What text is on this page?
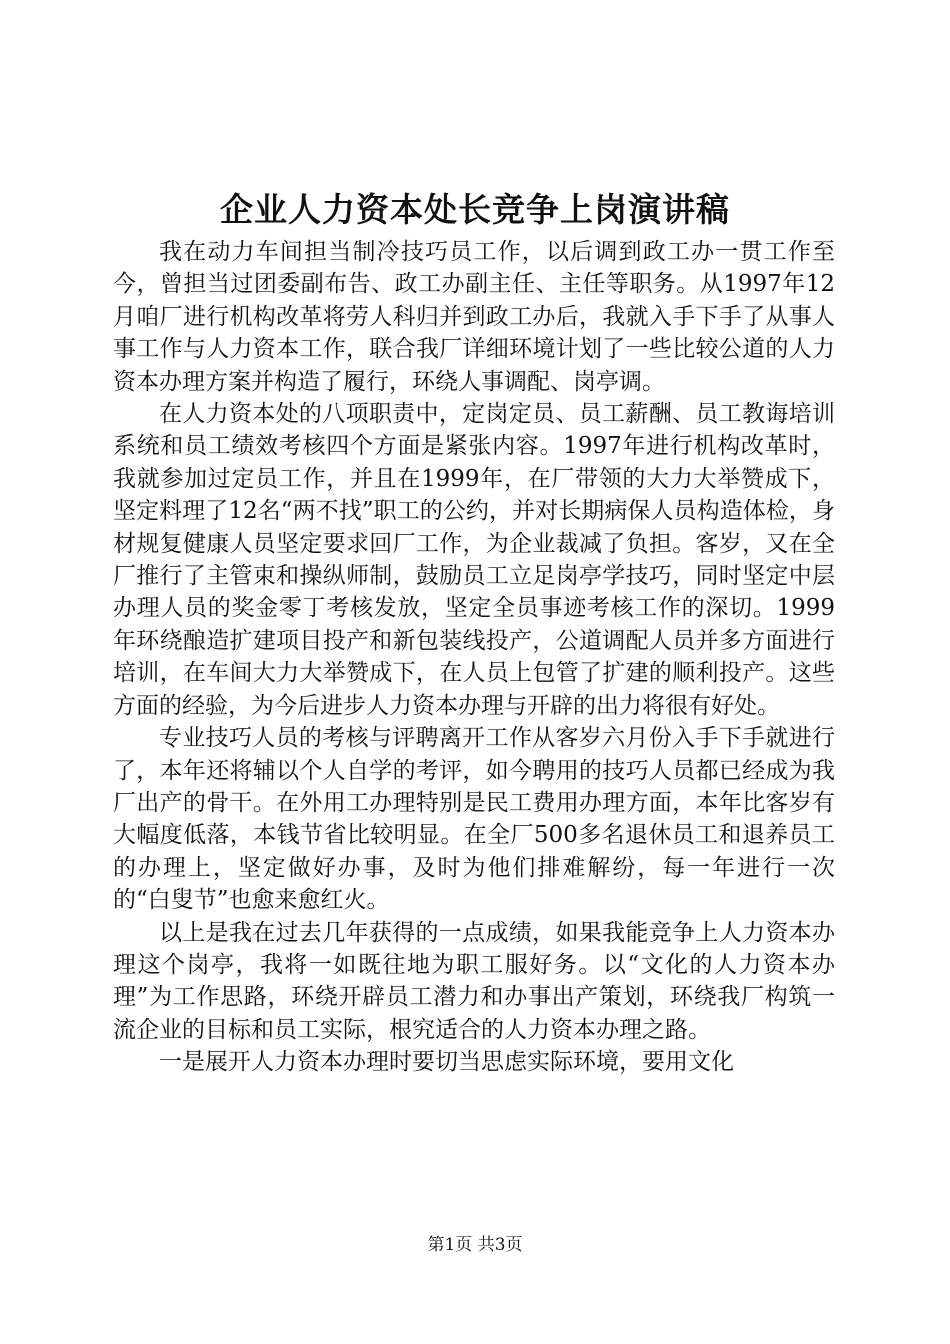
企业人力资本处长竞争上岗演讲稿

我在动力车间担当制冷技巧员工作，以后调到政工办一贯工作至今，曾担当过团委副布告、政工办副主任、主任等职务。从1997年12月咱厂进行机构改革将劳人科归并到政工办后，我就入手下手了从事人事工作与人力资本工作，联合我厂详细环境计划了一些比较公道的人力资本办理方案并构造了履行，环绕人事调配、岗亭调。

在人力资本处的八项职责中，定岗定员、员工薪酬、员工教诲培训系统和员工绩效考核四个方面是紧张内容。1997年进行机构改革时，我就参加过定员工作，并且在1999年，在厂带领的大力大举赞成下，坚定料理了12名“两不找”职工的公约，并对长期病保人员构造体检，身材规复健康人员坚定要求回厂工作，为企业裁减了负担。客岁，又在全厂推行了主管束和操纵师制，鼓励员工立足岗亭学技巧，同时坚定中层办理人员的奖金零丁考核发放，坚定全员事迹考核工作的深切。1999年环绕酿造扩建项目投产和新包装线投产，公道调配人员并多方面进行培训，在车间大力大举赞成下，在人员上包管了扩建的顺利投产。这些方面的经验，为今后进步人力资本办理与开辟的出力将很有好处。

专业技巧人员的考核与评聘离开工作从客岁六月份入手下手就进行了，本年还将辅以个人自学的考评，如今聘用的技巧人员都已经成为我厂出产的骨干。在外用工办理特别是民工费用办理方面，本年比客岁有大幅度低落，本钱节省比较明显。在全厂500多名退休员工和退养员工的办理上，坚定做好办事，及时为他们排难解纷，每一年进行一次的“白叟节”也愈来愈红火。

以上是我在过去几年获得的一点成绩，如果我能竞争上人力资本办理这个岗亭，我将一如既往地为职工服好务。以“文化的人力资本办理”为工作思路，环绕开辟员工潜力和办事出产策划，环绕我厂构筑一流企业的目标和员工实际，根究适合的人力资本办理之路。

一是展开人力资本办理时要切当思虑实际环境，要用文化

第1页 共3页
